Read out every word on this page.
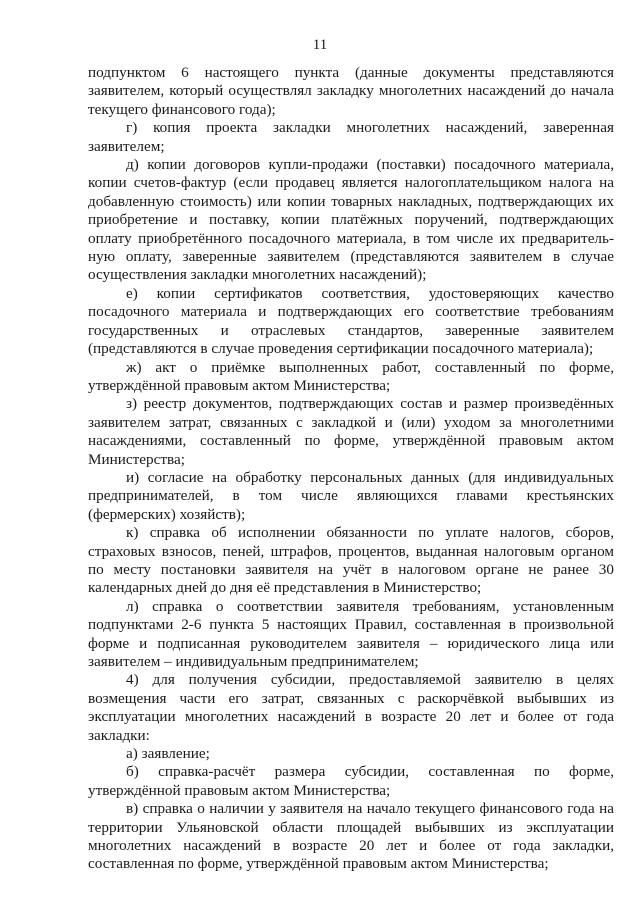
11

подпунктом 6 настоящего пункта (данные документы представляются заявителем, который осуществлял закладку многолетних насаждений до начала текущего финансового года);

г) копия проекта закладки многолетних насаждений, заверенная заявителем;

д) копии договоров купли-продажи (поставки) посадочного материала, копии счетов-фактур (если продавец является налогоплательщиком налога на добавленную стоимость) или копии товарных накладных, подтверждающих их приобретение и поставку, копии платёжных поручений, подтверждающих оплату приобретённого посадочного материала, в том числе их предваритель-ную оплату, заверенные заявителем (представляются заявителем в случае осуществления закладки многолетних насаждений);

е) копии сертификатов соответствия, удостоверяющих качество посадочного материала и подтверждающих его соответствие требованиям государственных и отраслевых стандартов, заверенные заявителем (представляются в случае проведения сертификации посадочного материала);

ж) акт о приёмке выполненных работ, составленный по форме, утверждённой правовым актом Министерства;

з) реестр документов, подтверждающих состав и размер произведённых заявителем затрат, связанных с закладкой и (или) уходом за многолетними насаждениями, составленный по форме, утверждённой правовым актом Министерства;

и) согласие на обработку персональных данных (для индивидуальных предпринимателей, в том числе являющихся главами крестьянских (фермерских) хозяйств);

к) справка об исполнении обязанности по уплате налогов, сборов, страховых взносов, пеней, штрафов, процентов, выданная налоговым органом по месту постановки заявителя на учёт в налоговом органе не ранее 30 календарных дней до дня её представления в Министерство;

л) справка о соответствии заявителя требованиям, установленным подпунктами 2-6 пункта 5 настоящих Правил, составленная в произвольной форме и подписанная руководителем заявителя – юридического лица или заявителем – индивидуальным предпринимателем;

4) для получения субсидии, предоставляемой заявителю в целях возмещения части его затрат, связанных с раскорчёвкой выбывших из эксплуатации многолетних насаждений в возрасте 20 лет и более от года закладки:

а) заявление;

б) справка-расчёт размера субсидии, составленная по форме, утверждённой правовым актом Министерства;

в) справка о наличии у заявителя на начало текущего финансового года на территории Ульяновской области площадей выбывших из эксплуатации многолетних насаждений в возрасте 20 лет и более от года закладки, составленная по форме, утверждённой правовым актом Министерства;
